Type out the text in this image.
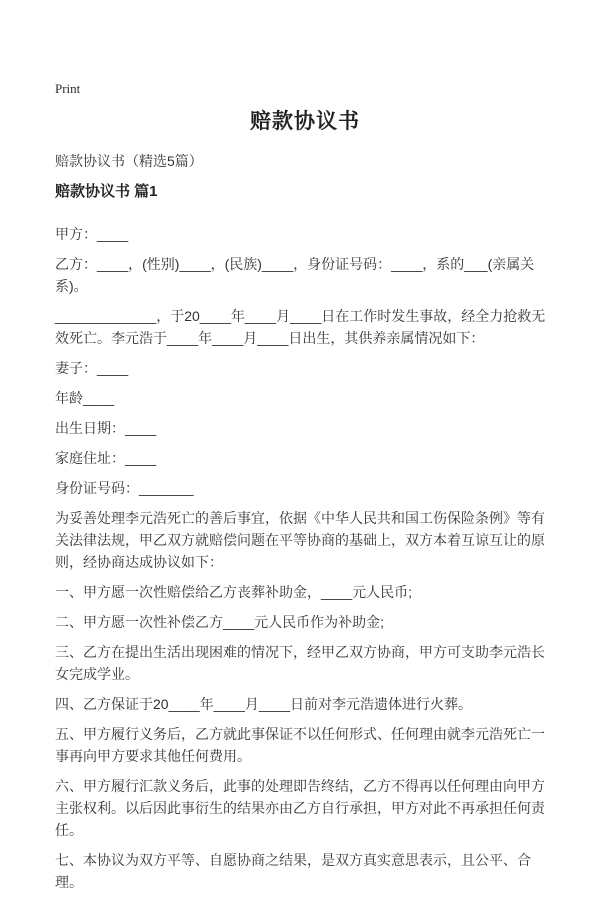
Print
赔款协议书

赔款协议书（精选5篇）

赔款协议书 篇1

甲方：____

乙方：____，(性别)____，(民族)____，身份证号码：____，系的___(亲属关系)。

_____________，于20____年____月____日在工作时发生事故，经全力抢救无效死亡。李元浩于____年____月____日出生，其供养亲属情况如下：

妻子：____

年龄____

出生日期：____

家庭住址：____

身份证号码：_______

为妥善处理李元浩死亡的善后事宜，依据《中华人民共和国工伤保险条例》等有关法律法规，甲乙双方就赔偿问题在平等协商的基础上，双方本着互谅互让的原则，经协商达成协议如下：

一、甲方愿一次性赔偿给乙方丧葬补助金，____元人民币;

二、甲方愿一次性补偿乙方____元人民币作为补助金;

三、乙方在提出生活出现困难的情况下，经甲乙双方协商，甲方可支助李元浩长女完成学业。

四、乙方保证于20____年____月____日前对李元浩遗体进行火葬。

五、甲方履行义务后，乙方就此事保证不以任何形式、任何理由就李元浩死亡一事再向甲方要求其他任何费用。

六、甲方履行汇款义务后，此事的处理即告终结，乙方不得再以任何理由向甲方主张权利。以后因此事衍生的结果亦由乙方自行承担，甲方对此不再承担任何责任。

七、本协议为双方平等、自愿协商之结果，是双方真实意思表示，且公平、合理。
